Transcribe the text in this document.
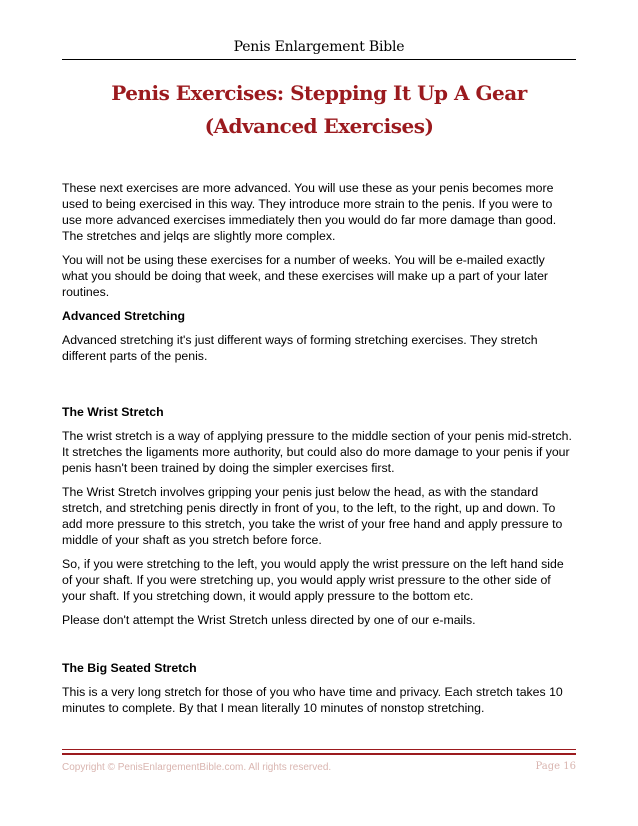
Penis Enlargement Bible
Penis Exercises: Stepping It Up A Gear
(Advanced Exercises)

These next exercises are more advanced. You will use these as your penis becomes more used to being exercised in this way. They introduce more strain to the penis. If you were to use more advanced exercises immediately then you would do far more damage than good. The stretches and jelqs are slightly more complex.

You will not be using these exercises for a number of weeks. You will be e-mailed exactly what you should be doing that week, and these exercises will make up a part of your later routines.

Advanced Stretching

Advanced stretching it's just different ways of forming stretching exercises. They stretch different parts of the penis.

The Wrist Stretch

The wrist stretch is a way of applying pressure to the middle section of your penis mid-stretch. It stretches the ligaments more authority, but could also do more damage to your penis if your penis hasn't been trained by doing the simpler exercises first.

The Wrist Stretch involves gripping your penis just below the head, as with the standard stretch, and stretching penis directly in front of you, to the left, to the right, up and down. To add more pressure to this stretch, you take the wrist of your free hand and apply pressure to middle of your shaft as you stretch before force.

So, if you were stretching to the left, you would apply the wrist pressure on the left hand side of your shaft. If you were stretching up, you would apply wrist pressure to the other side of your shaft. If you stretching down, it would apply pressure to the bottom etc.

Please don't attempt the Wrist Stretch unless directed by one of our e-mails.

The Big Seated Stretch

This is a very long stretch for those of you who have time and privacy. Each stretch takes 10 minutes to complete. By that I mean literally 10 minutes of nonstop stretching.

Copyright © PenisEnlargementBible.com. All rights reserved.	Page 16
